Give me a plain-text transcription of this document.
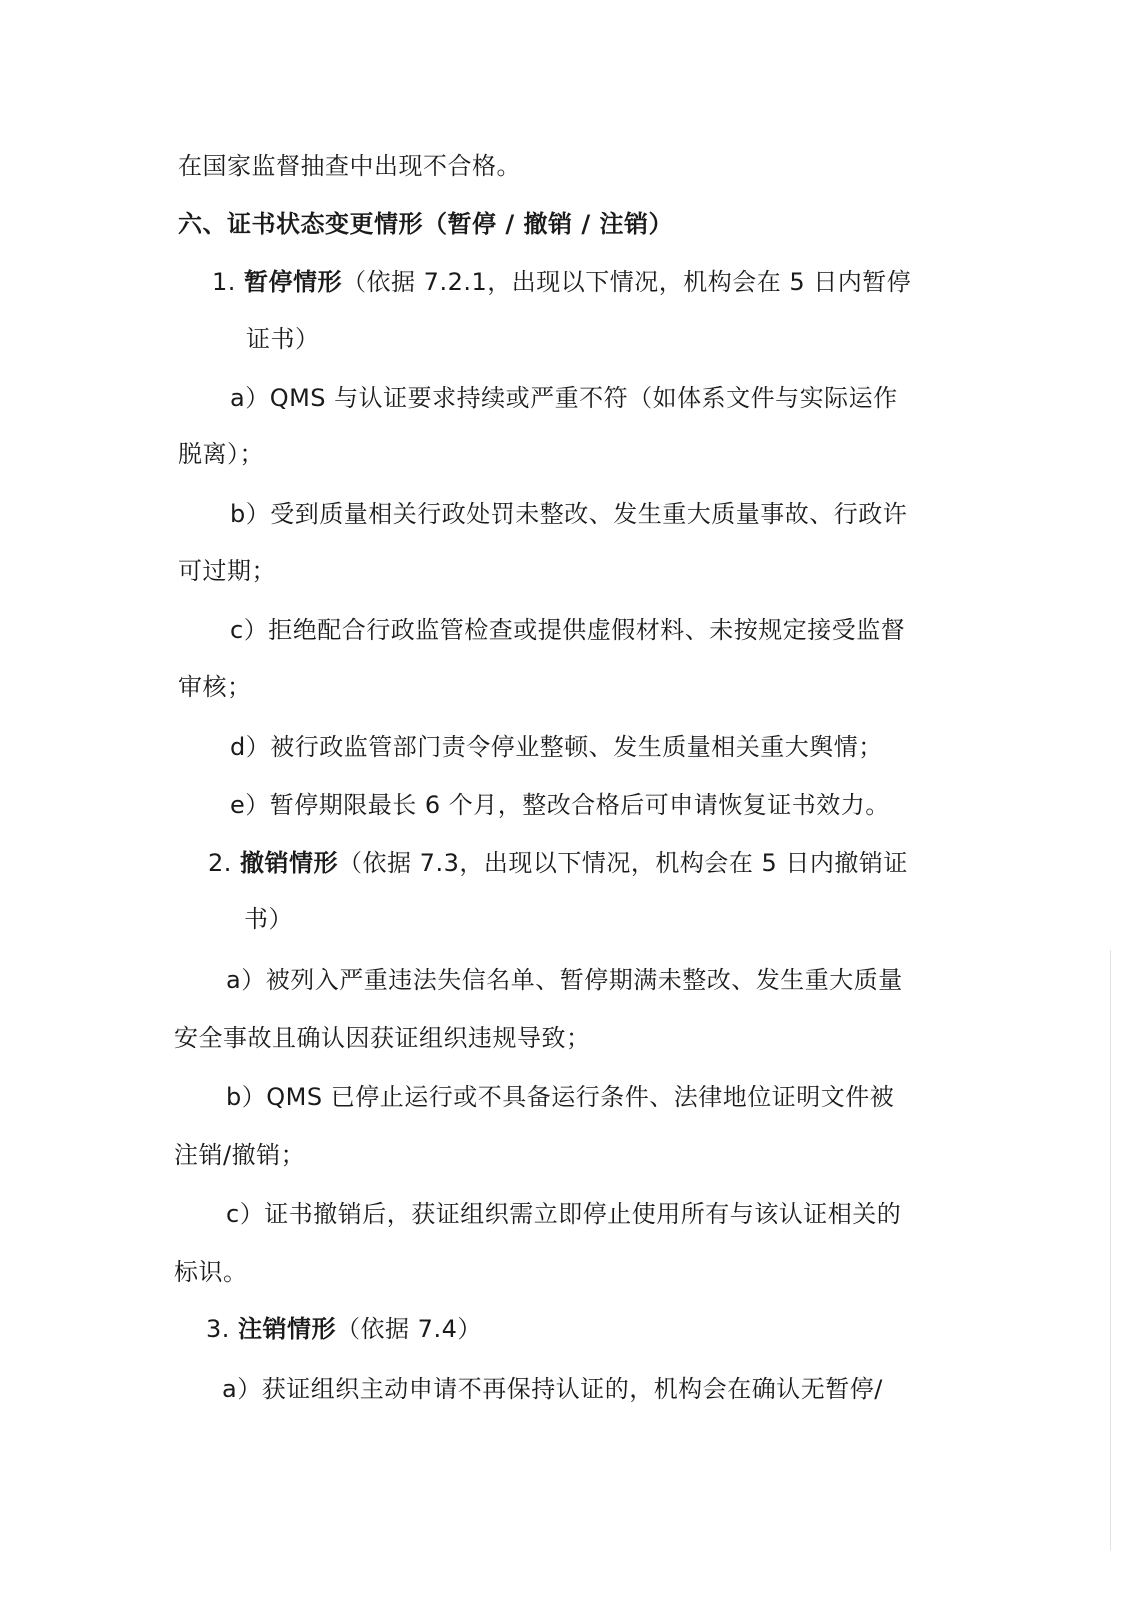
在国家监督抽查中出现不合格。
六、证书状态变更情形（暂停 / 撤销 / 注销）
1. 暂停情形（依据 7.2.1，出现以下情况，机构会在 5 日内暂停
证书）
a）QMS 与认证要求持续或严重不符（如体系文件与实际运作
脱离）；
b）受到质量相关行政处罚未整改、发生重大质量事故、行政许
可过期；
c）拒绝配合行政监管检查或提供虚假材料、未按规定接受监督
审核；
d）被行政监管部门责令停业整顿、发生质量相关重大舆情；
e）暂停期限最长 6 个月，整改合格后可申请恢复证书效力。
2. 撤销情形（依据 7.3，出现以下情况，机构会在 5 日内撤销证
书）
a）被列入严重违法失信名单、暂停期满未整改、发生重大质量
安全事故且确认因获证组织违规导致；
b）QMS 已停止运行或不具备运行条件、法律地位证明文件被
注销/撤销；
c）证书撤销后，获证组织需立即停止使用所有与该认证相关的
标识。
3. 注销情形（依据 7.4）
a）获证组织主动申请不再保持认证的，机构会在确认无暂停/
